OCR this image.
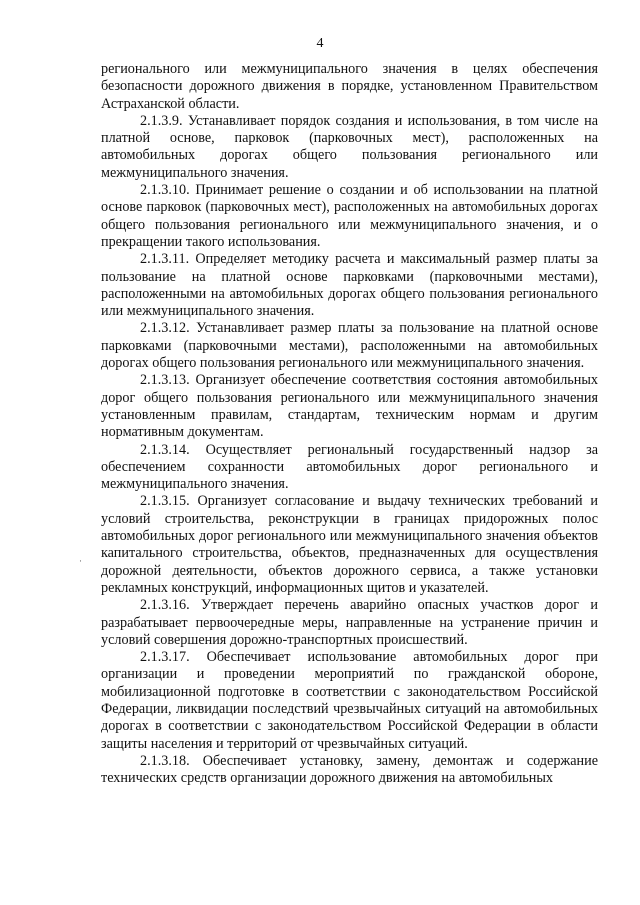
4
·

регионального или межмуниципального значения в целях обеспечения безопасности дорожного движения в порядке, установленном Правительством Астраханской области.

2.1.3.9. Устанавливает порядок создания и использования, в том числе на платной основе, парковок (парковочных мест), расположенных на автомобильных дорогах общего пользования регионального или межмуниципального значения.

2.1.3.10. Принимает решение о создании и об использовании на платной основе парковок (парковочных мест), расположенных на автомобильных дорогах общего пользования регионального или межмуниципального значения, и о прекращении такого использования.

2.1.3.11. Определяет методику расчета и максимальный размер платы за пользование на платной основе парковками (парковочными местами), расположенными на автомобильных дорогах общего пользования регионального или межмуниципального значения.

2.1.3.12. Устанавливает размер платы за пользование на платной основе парковками (парковочными местами), расположенными на автомобильных дорогах общего пользования регионального или межмуниципального значения.

2.1.3.13. Организует обеспечение соответствия состояния автомобильных дорог общего пользования регионального или межмуниципального значения установленным правилам, стандартам, техническим нормам и другим нормативным документам.

2.1.3.14. Осуществляет региональный государственный надзор за обеспечением сохранности автомобильных дорог регионального и межмуниципального значения.

2.1.3.15. Организует согласование и выдачу технических требований и условий строительства, реконструкции в границах придорожных полос автомобильных дорог регионального или межмуниципального значения объектов капитального строительства, объектов, предназначенных для осуществления дорожной деятельности, объектов дорожного сервиса, а также установки рекламных конструкций, информационных щитов и указателей.

2.1.3.16. Утверждает перечень аварийно опасных участков дорог и разрабатывает первоочередные меры, направленные на устранение причин и условий совершения дорожно-транспортных происшествий.

2.1.3.17. Обеспечивает использование автомобильных дорог при организации и проведении мероприятий по гражданской обороне, мобилизационной подготовке в соответствии с законодательством Российской Федерации, ликвидации последствий чрезвычайных ситуаций на автомобильных дорогах в соответствии с законодательством Российской Федерации в области защиты населения и территорий от чрезвычайных ситуаций.

2.1.3.18. Обеспечивает установку, замену, демонтаж и содержание технических средств организации дорожного движения на автомобильных
